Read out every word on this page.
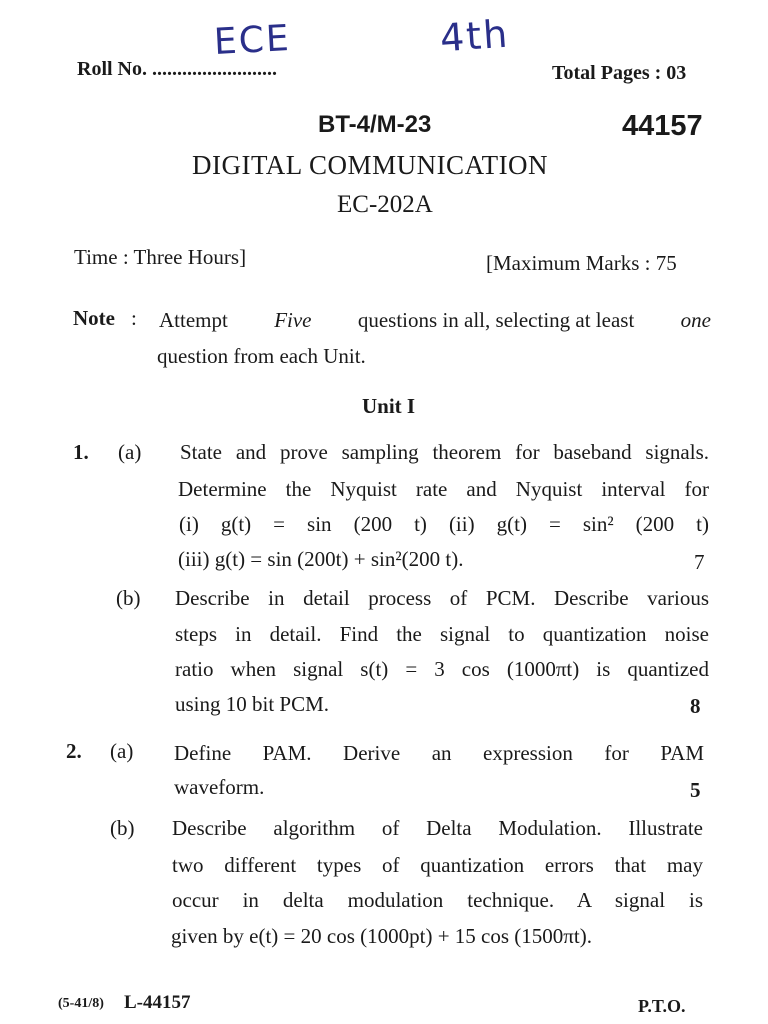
ECE	4th
Roll No. .........................	Total Pages : 03
BT-4/M-23	44157
DIGITAL COMMUNICATION
EC-202A
Time : Three Hours]	[Maximum Marks : 75
Note : Attempt Five questions in all, selecting at least one
question from each Unit.
Unit I
1. (a) State and prove sampling theorem for baseband signals.
Determine the Nyquist rate and Nyquist interval for
(i) g(t) = sin (200 t) (ii) g(t) = sin² (200 t)
(iii) g(t) = sin (200t) + sin²(200 t).	7
(b) Describe in detail process of PCM. Describe various
steps in detail. Find the signal to quantization noise
ratio when signal s(t) = 3 cos (1000πt) is quantized
using 10 bit PCM.	8
2. (a) Define PAM. Derive an expression for PAM
waveform.	5
(b) Describe algorithm of Delta Modulation. Illustrate
two different types of quantization errors that may
occur in delta modulation technique. A signal is
given by e(t) = 20 cos (1000pt) + 15 cos (1500πt).
(5-41/8) L-44157	P.T.O.
